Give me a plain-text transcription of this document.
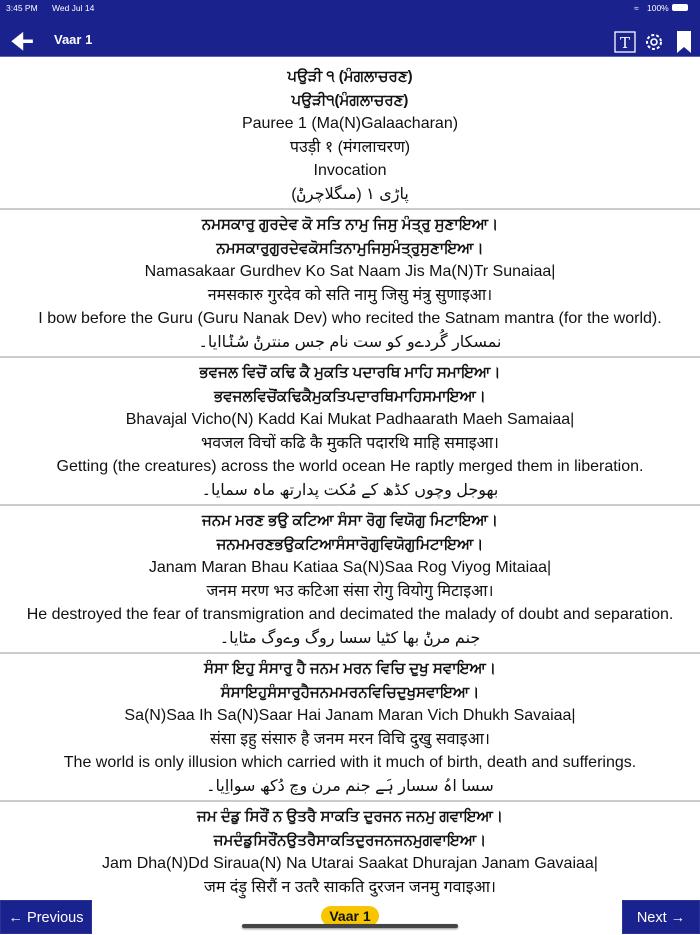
3:45 PM Wed Jul 14	≈ 100%
🠈 Vaar 1	T
ਪਉੜੀ ੧ (ਮੰਗਲਾਚਰਣ)
ਪਉੜੀ੧(ਮੰਗਲਾਚਰਣ)
Pauree 1 (Ma(N)Galaacharan)
पउड़ी १ (मंगलाचरण)
Invocation
پاڑی ١ (مںگلاچرݨ)
ਨਮਸਕਾਰੁ ਗੁਰਦੇਵ ਕੋ ਸਤਿ ਨਾਮੁ ਜਿਸੁ ਮੰਤ੍ਰੁ ਸੁਣਾਇਆ।
ਨਮਸਕਾਰੁਗੁਰਦੇਵਕੋਸਤਿਨਾਮੁਜਿਸੁਮੰਤ੍ਰੁਸੁਣਾਇਆ।
Namasakaar Gurdhev Ko Sat Naam Jis Ma(N)Tr Sunaiaa|
नमसकारु गुरदेव को सति नामु जिसु मंत्रु सुणाइआ।
I bow before the Guru (Guru Nanak Dev) who recited the Satnam mantra (for the world).
نمسکار گُردےو کو ست نام جس منترݨ سُݨاایا۔
ਭਵਜਲ ਵਿਚੋਂ ਕਢਿ ਕੈ ਮੁਕਤਿ ਪਦਾਰਥਿ ਮਾਹਿ ਸਮਾਇਆ।
ਭਵਜਲਵਿਚੋਂਕਢਿਕੈਮੁਕਤਿਪਦਾਰਥਿਮਾਹਿਸਮਾਇਆ।
Bhavajal Vicho(N) Kadd Kai Mukat Padhaarath Maeh Samaiaa|
भवजल विचों कढि कै मुकति पदारथि माहि समाइआ।
Getting (the creatures) across the world ocean He raptly merged them in liberation.
بھوجل وچوں کڈھ کے مُکت پدارتھ ماہ سمایا۔
ਜਨਮ ਮਰਣ ਭਉ ਕਟਿਆ ਸੰਸਾ ਰੋਗੁ ਵਿਯੋਗੁ ਮਿਟਾਇਆ।
ਜਨਮਮਰਣਭਉਕਟਿਆਸੰਸਾਰੋਗੁਵਿਯੋਗੁਮਿਟਾਇਆ।
Janam Maran Bhau Katiaa Sa(N)Saa Rog Viyog Mitaiaa|
जनम मरण भउ कटिआ संसा रोगु वियोगु मिटाइआ।
He destroyed the fear of transmigration and decimated the malady of doubt and separation.
جنم مرݨ بھا کٹیا سسا روگ وےوگ مٹایا۔
ਸੰਸਾ ਇਹੁ ਸੰਸਾਰੁ ਹੈ ਜਨਮ ਮਰਨ ਵਿਚਿ ਦੁਖੁ ਸਵਾਇਆ।
ਸੰਸਾਇਹੁਸੰਸਾਰੁਹੈਜਨਮਮਰਨਵਿਚਿਦੁਖੁਸਵਾਇਆ।
Sa(N)Saa Ih Sa(N)Saar Hai Janam Maran Vich Dhukh Savaiaa|
संसा इहु संसारु है जनम मरन विचि दुखु सवाइआ।
The world is only illusion which carried with it much of birth, death and sufferings.
سسا اہُ سسار ہَے جنم مرن وچ دُکھ سوااِیا۔
ਜਮ ਦੰਡੁ ਸਿਰੌਂ ਨ ਉਤਰੈ ਸਾਕਤਿ ਦੁਰਜਨ ਜਨਮੁ ਗਵਾਇਆ।
ਜਮਦੰਡੁਸਿਰੌਂਨਉਤਰੈਸਾਕਤਿਦੁਰਜਨਜਨਮੁਗਵਾਇਆ।
Jam Dha(N)Dd Siraua(N) Na Utarai Saakat Dhurajan Janam Gavaiaa|
जम दंड़ु सिरौं न उतरै साकति दुरजन जनमु गवाइआ।
← Previous	Vaar 1	Next →
